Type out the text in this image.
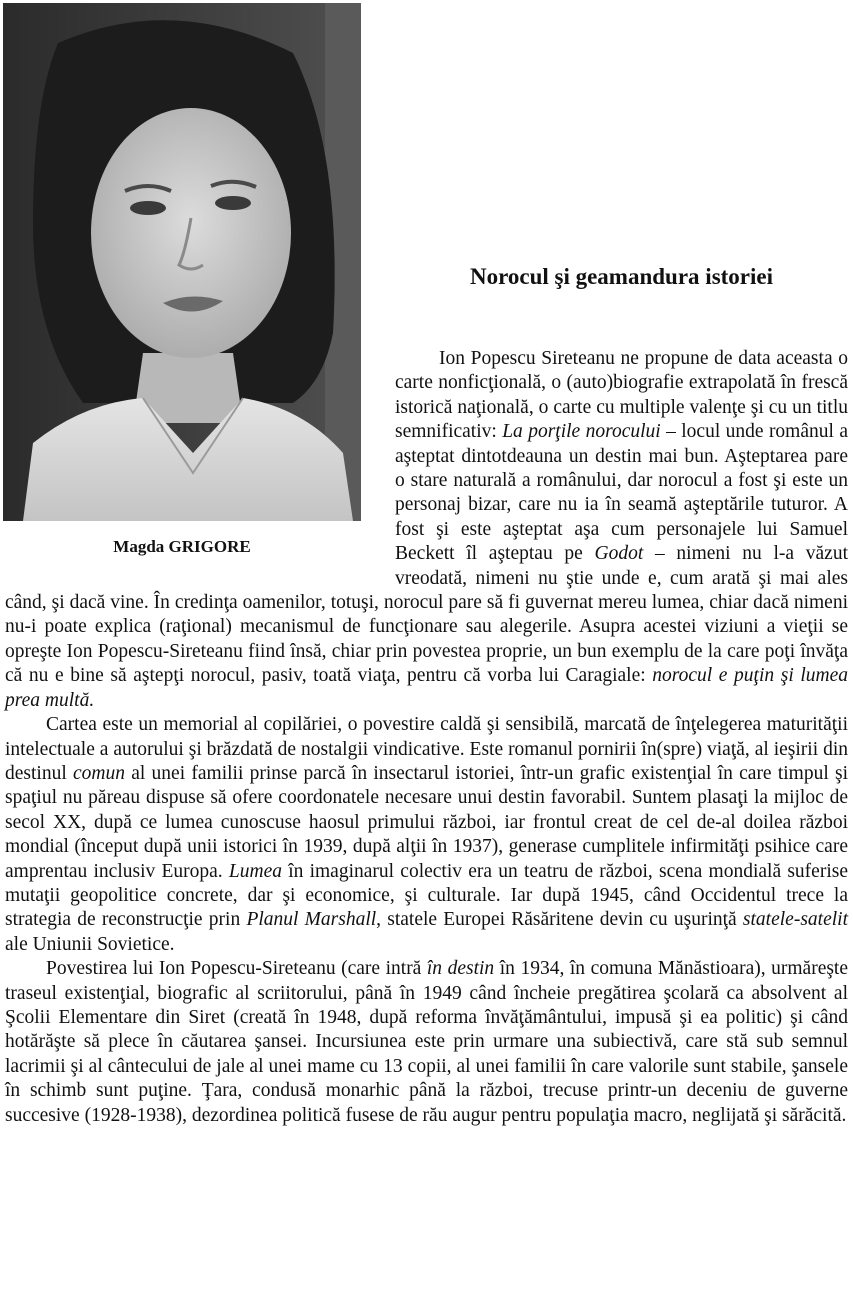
Magda GRIGORE
Norocul şi geamandura istoriei

Ion Popescu Sireteanu ne propune de data aceasta o carte nonficţională, o (auto)biografie extrapolată în frescă istorică naţională, o carte cu multiple valenţe şi cu un titlu semnificativ: La porţile norocului – locul unde românul a aşteptat dintotdeauna un destin mai bun. Aşteptarea pare o stare naturală a românului, dar norocul a fost şi este un personaj bizar, care nu ia în seamă aşteptările tuturor. A fost şi este aşteptat aşa cum personajele lui Samuel Beckett îl aşteptau pe Godot – nimeni nu l-a văzut vreodată, nimeni nu ştie unde e, cum arată şi mai ales când, şi dacă vine. În credinţa oamenilor, totuşi, norocul pare să fi guvernat mereu lumea, chiar dacă nimeni nu-i poate explica (raţional) mecanismul de funcţionare sau alegerile. Asupra acestei viziuni a vieţii se opreşte Ion Popescu-Sireteanu fiind însă, chiar prin povestea proprie, un bun exemplu de la care poţi învăţa că nu e bine să aştepţi norocul, pasiv, toată viaţa, pentru că vorba lui Caragiale: norocul e puţin şi lumea prea multă.

Cartea este un memorial al copilăriei, o povestire caldă şi sensibilă, marcată de înţelegerea maturităţii intelectuale a autorului şi brăzdată de nostalgii vindicative. Este romanul pornirii în(spre) viaţă, al ieşirii din destinul comun al unei familii prinse parcă în insectarul istoriei, într-un grafic existenţial în care timpul şi spaţiul nu păreau dispuse să ofere coordonatele necesare unui destin favorabil. Suntem plasaţi la mijloc de secol XX, după ce lumea cunoscuse haosul primului război, iar frontul creat de cel de-al doilea război mondial (început după unii istorici în 1939, după alţii în 1937), generase cumplitele infirmităţi psihice care amprentau inclusiv Europa. Lumea în imaginarul colectiv era un teatru de război, scena mondială suferise mutaţii geopolitice concrete, dar şi economice, şi culturale. Iar după 1945, când Occidentul trece la strategia de reconstrucţie prin Planul Marshall, statele Europei Răsăritene devin cu uşurinţă statele-satelit ale Uniunii Sovietice.

Povestirea lui Ion Popescu-Sireteanu (care intră în destin în 1934, în comuna Mănăstioara), urmăreşte traseul existenţial, biografic al scriitorului, până în 1949 când încheie pregătirea şcolară ca absolvent al Şcolii Elementare din Siret (creată în 1948, după reforma învăţământului, impusă şi ea politic) şi când hotărăşte să plece în căutarea şansei. Incursiunea este prin urmare una subiectivă, care stă sub semnul lacrimii şi al cântecului de jale al unei mame cu 13 copii, al unei familii în care valorile sunt stabile, şansele în schimb sunt puţine. Ţara, condusă monarhic până la război, trecuse printr-un deceniu de guverne succesive (1928-1938), dezordinea politică fusese de rău augur pentru populaţia macro, neglijată şi sărăcită.
